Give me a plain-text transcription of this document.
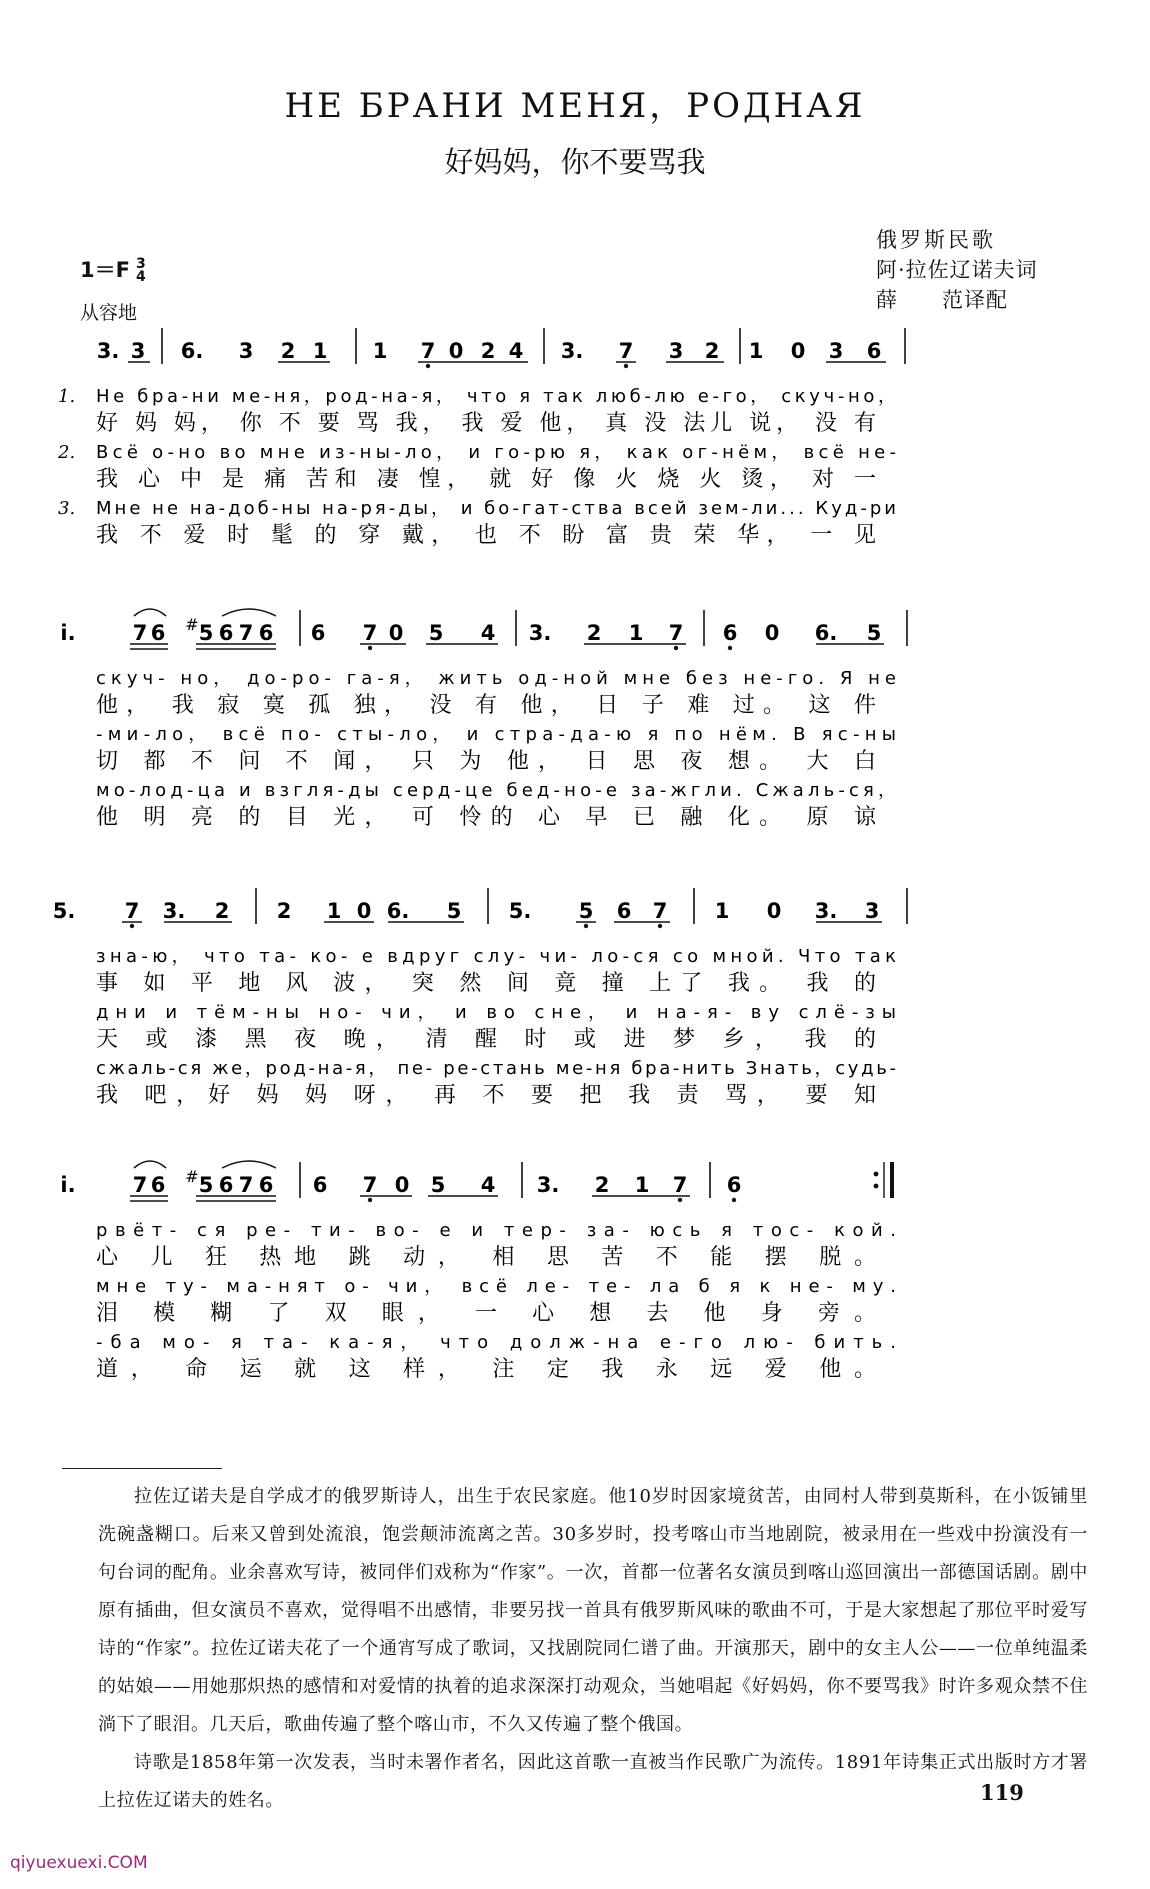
НЕ БРАНИ МЕНЯ，РОДНАЯ
好妈妈，你不要骂我
俄罗斯民歌
阿·拉佐辽诺夫词
薛　　范译配
1＝F 3
4
从容地
3. 3 6. 3 2 1 1 7 0 2 4 3. 7 3 2 1 0 3 6
Не бра-ни ме-ня，род-на-я， что я так люб-лю е-го， скуч-но，
1.
好 妈 妈， 你 不 要 骂 我， 我 爱 他， 真 没 法儿 说， 没 有
Всё о-но во мне из-ны-ло， и го-рю я， как ог-нём， всё не-
2.
我 心 中 是 痛 苦和 凄 惶， 就 好 像 火 烧 火 烫， 对 一
Мне не на-доб-ны на-ря-ды， и бо-гат-ства всей зем-ли... Куд-ри
3.
我 不 爱 时 髦 的 穿 戴， 也 不 盼 富 贵 荣 华， 一 见
i.	7 6 5 6 7 6 6 7 0 5 4 3. 2 1 7 6 0 6. 5
#
скуч- но， до-ро- га-я， жить од-ной мне без не-го. Я не
他， 我 寂 寞 孤 独， 没 有 他， 日 子 难 过。 这 件
-ми-ло， всё по- сты-ло， и стра-да-ю я по нём. В яс-ны
切 都 不 问 不 闻， 只 为 他， 日 思 夜 想。 大 白
мо-лод-ца и взгля-ды серд-це бед-но-е за-жгли. Сжаль-ся，
他 明 亮 的 目 光， 可 怜的 心 早 已 融 化。 原 谅
5. 7 3. 2 2 1 0 6. 5 5. 5 6 7 1 0 3. 3
зна-ю， что та- ко- е вдруг слу- чи- ло-ся со мной. Что так
事 如 平 地 风 波， 突 然 间 竟 撞 上了 我。 我 的
дни и тём-ны но- чи， и во сне， и на-я- ву слё-зы
天 或 漆 黑 夜 晚， 清 醒 时 或 进 梦 乡， 我 的
сжаль-ся же，род-на-я， пе- ре-стань ме-ня бра-нить Знать，судь-
我 吧，好 妈 妈 呀， 再 不 要 把 我 责 骂， 要 知
i.	7 6 5 6 7 6 6 7 0 5 4 3. 2 1 7 6
#
рвёт- ся ре- ти- во- е и тер- за- юсь я тос- кой.
心 儿 狂 热地 跳 动， 相 思 苦 不 能 摆 脱。
мне ту- ма-нят о- чи， всё ле- те- ла б я к не- му.
泪 模 糊 了 双 眼， 一 心 想 去 他 身 旁。
-ба мо- я та- ка-я， что долж-на е-го лю- бить.
道， 命 运 就 这 样， 注 定 我 永 远 爱 他。

拉佐辽诺夫是自学成才的俄罗斯诗人，出生于农民家庭。他10岁时因家境贫苦，由同村人带到莫斯科，在小饭铺里洗碗盏糊口。后来又曾到处流浪，饱尝颠沛流离之苦。30多岁时，投考喀山市当地剧院，被录用在一些戏中扮演没有一句台词的配角。业余喜欢写诗，被同伴们戏称为“作家”。一次，首都一位著名女演员到喀山巡回演出一部德国话剧。剧中原有插曲，但女演员不喜欢，觉得唱不出感情，非要另找一首具有俄罗斯风味的歌曲不可，于是大家想起了那位平时爱写诗的“作家”。拉佐辽诺夫花了一个通宵写成了歌词，又找剧院同仁谱了曲。开演那天，剧中的女主人公——一位单纯温柔的姑娘——用她那炽热的感情和对爱情的执着的追求深深打动观众，当她唱起《好妈妈，你不要骂我》时许多观众禁不住淌下了眼泪。几天后，歌曲传遍了整个喀山市，不久又传遍了整个俄国。

诗歌是1858年第一次发表，当时未署作者名，因此这首歌一直被当作民歌广为流传。1891年诗集正式出版时方才署上拉佐辽诺夫的姓名。	119
qiyuexuexi.COM
